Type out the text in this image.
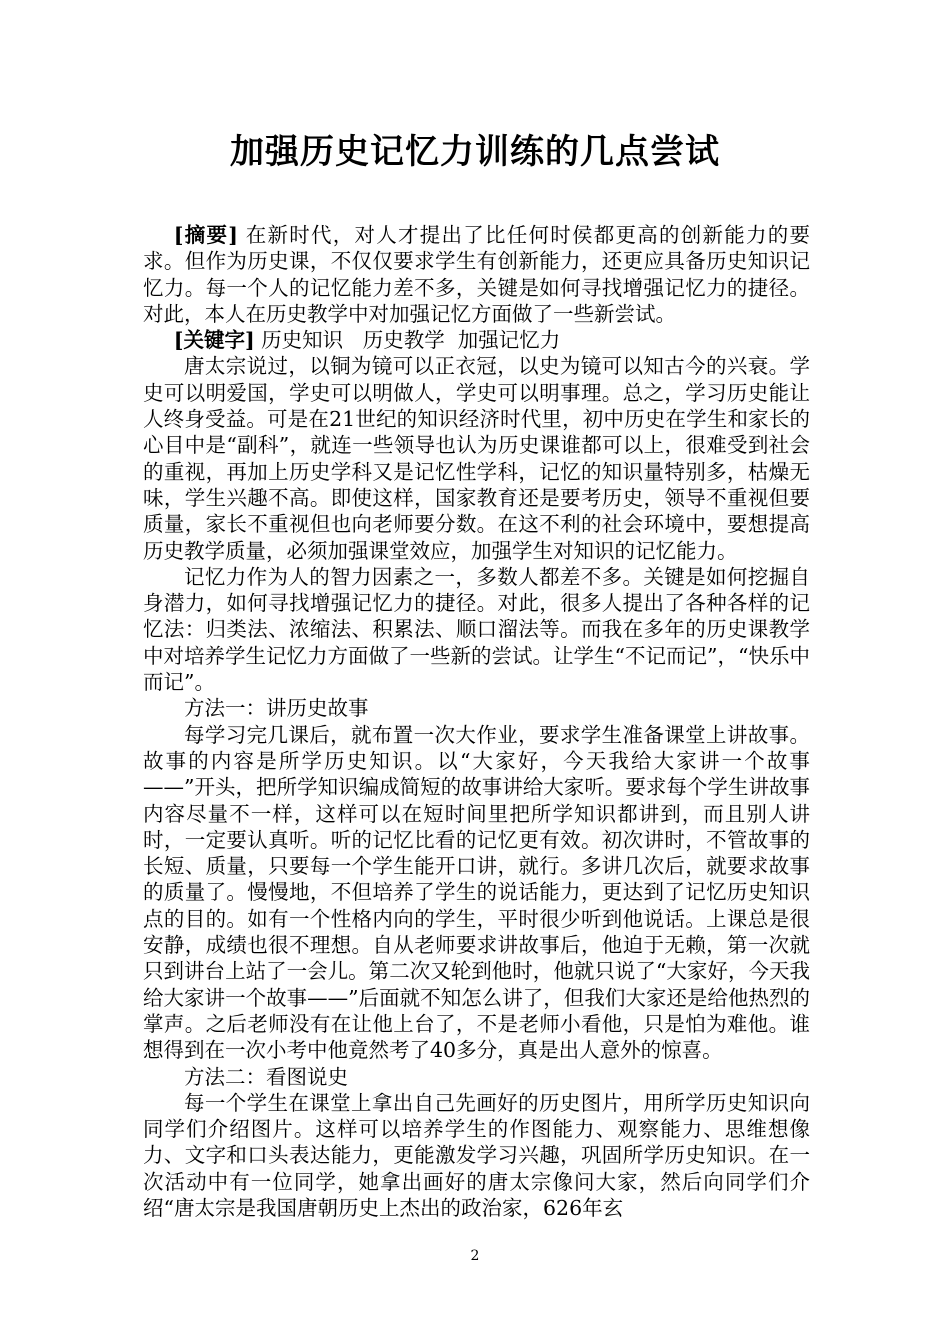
加强历史记忆力训练的几点尝试

[摘要] 在新时代，对人才提出了比任何时侯都更高的创新能力的要求。但作为历史课，不仅仅要求学生有创新能力，还更应具备历史知识记忆力。每一个人的记忆能力差不多，关键是如何寻找增强记忆力的捷径。对此，本人在历史教学中对加强记忆方面做了一些新尝试。

[关键字] 历史知识   历史教学  加强记忆力

唐太宗说过，以铜为镜可以正衣冠，以史为镜可以知古今的兴衰。学史可以明爱国，学史可以明做人，学史可以明事理。总之，学习历史能让人终身受益。可是在21世纪的知识经济时代里，初中历史在学生和家长的心目中是“副科”，就连一些领导也认为历史课谁都可以上，很难受到社会的重视，再加上历史学科又是记忆性学科，记忆的知识量特别多，枯燥无味，学生兴趣不高。即使这样，国家教育还是要考历史，领导不重视但要质量，家长不重视但也向老师要分数。在这不利的社会环境中，要想提高历史教学质量，必须加强课堂效应，加强学生对知识的记忆能力。

记忆力作为人的智力因素之一，多数人都差不多。关键是如何挖掘自身潜力，如何寻找增强记忆力的捷径。对此，很多人提出了各种各样的记忆法：归类法、浓缩法、积累法、顺口溜法等。而我在多年的历史课教学中对培养学生记忆力方面做了一些新的尝试。让学生“不记而记”，“快乐中而记”。

方法一：讲历史故事

每学习完几课后，就布置一次大作业，要求学生准备课堂上讲故事。故事的内容是所学历史知识。以“大家好，今天我给大家讲一个故事——”开头，把所学知识编成简短的故事讲给大家听。要求每个学生讲故事内容尽量不一样，这样可以在短时间里把所学知识都讲到，而且别人讲时，一定要认真听。听的记忆比看的记忆更有效。初次讲时，不管故事的长短、质量，只要每一个学生能开口讲，就行。多讲几次后，就要求故事的质量了。慢慢地，不但培养了学生的说话能力，更达到了记忆历史知识点的目的。如有一个性格内向的学生，平时很少听到他说话。上课总是很安静，成绩也很不理想。自从老师要求讲故事后，他迫于无赖，第一次就只到讲台上站了一会儿。第二次又轮到他时，他就只说了“大家好，今天我给大家讲一个故事——”后面就不知怎么讲了，但我们大家还是给他热烈的掌声。之后老师没有在让他上台了，不是老师小看他，只是怕为难他。谁想得到在一次小考中他竟然考了40多分，真是出人意外的惊喜。

方法二：看图说史

每一个学生在课堂上拿出自己先画好的历史图片，用所学历史知识向同学们介绍图片。这样可以培养学生的作图能力、观察能力、思维想像力、文字和口头表达能力，更能激发学习兴趣，巩固所学历史知识。在一次活动中有一位同学，她拿出画好的唐太宗像问大家，然后向同学们介绍“唐太宗是我国唐朝历史上杰出的政治家，626年玄

2
